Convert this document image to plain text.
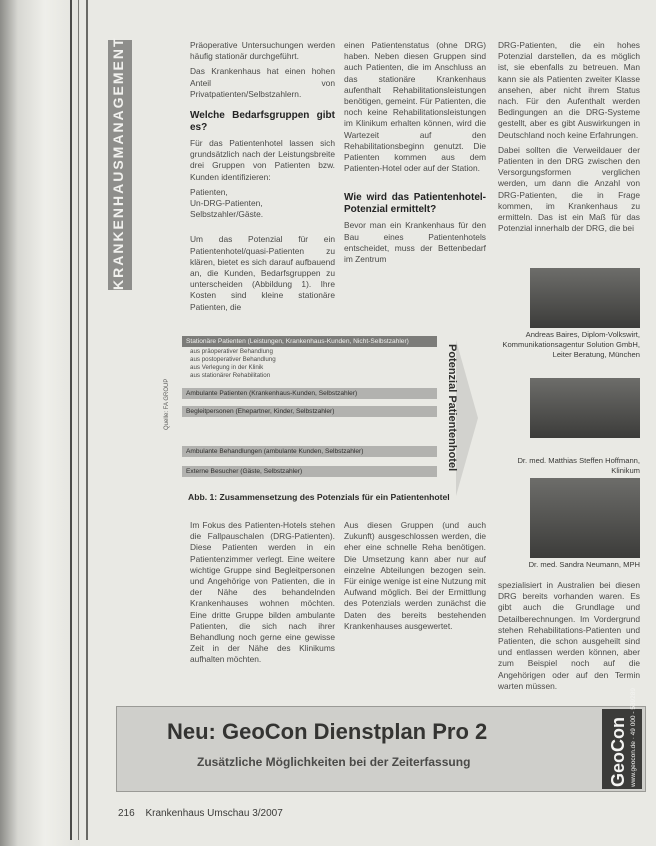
KRANKENHAUSMANAGEMENT	Präoperative Untersuchungen werden häufig stationär durchgeführt.

Das Krankenhaus hat einen hohen Anteil von Privatpatienten/Selbstzahlern.

Welche Bedarfsgruppen gibt es?

Für das Patientenhotel lassen sich grundsätzlich nach der Leistungsbreite drei Gruppen von Patienten bzw. Kunden identifizieren:

Patienten,
Un-DRG-Patienten,
Selbstzahler/Gäste.

Um das Potenzial für ein Patientenhotel/quasi-Patienten zu klären, bietet es sich darauf aufbauend an, die Kunden, Bedarfsgruppen zu unterscheiden (Abbildung 1). Ihre Kosten sind kleine stationäre Patienten, die

einen Patientenstatus (ohne DRG) haben. Neben diesen Gruppen sind auch Patienten, die im Anschluss an das stationäre Krankenhaus aufenthalt Rehabilitationsleistungen benötigen, gemeint. Für Patienten, die noch keine Rehabilitationsleistungen im Klinikum erhalten können, wird die Wartezeit auf den Rehabilitationsbeginn genutzt. Die Patienten kommen aus dem Patienten-Hotel oder auf der Station.

Wie wird das Patientenhotel-Potenzial ermittelt?

Bevor man ein Krankenhaus für den Bau eines Patientenhotels entscheidet, muss der Bettenbedarf im Zentrum

DRG-Patienten, die ein hohes Potenzial darstellen, da es möglich ist, sie ebenfalls zu betreuen. Man kann sie als Patienten zweiter Klasse ansehen, aber nicht ihrem Status nach. Für den Aufenthalt werden Bedingungen an die DRG-Systeme gestellt, aber es gibt Auswirkungen in Deutschland noch keine Erfahrungen.

Dabei sollten die Verweildauer der Patienten in den DRG zwischen den Versorgungsformen verglichen werden, um dann die Anzahl von DRG-Patienten, die in Frage kommen, im Krankenhaus zu ermitteln. Das ist ein Maß für das Potenzial innerhalb der DRG, die bei

Andreas Baires, Diplom-Volkswirt, Kommunikationsagentur Solution GmbH, Leiter Beratung, München
Dr. med. Matthias Steffen Hoffmann, Klinikum
Dr. med. Sandra Neumann, MPH
Stationäre Patienten (Leistungen, Krankenhaus-Kunden, Nicht-Selbstzahler)
aus präoperativer Behandlung
aus postoperativer Behandlung
aus Verlegung in der Klinik
aus stationärer Rehabilitation
Ambulante Patienten (Krankenhaus-Kunden, Selbstzahler)
Begleitpersonen (Ehepartner, Kinder, Selbstzahler)
Ambulante Behandlungen (ambulante Kunden, Selbstzahler)
Externe Besucher (Gäste, Selbstzahler)
Potenzial Patientenhotel
Quelle: FA GROUP
Abb. 1: Zusammensetzung des Potenzials für ein Patientenhotel

Im Fokus des Patienten-Hotels stehen die Fallpauschalen (DRG-Patienten). Diese Patienten werden in ein Patientenzimmer verlegt. Eine weitere wichtige Gruppe sind Begleitpersonen und Angehörige von Patienten, die in der Nähe des behandelnden Krankenhauses wohnen möchten. Eine dritte Gruppe bilden ambulante Patienten, die sich nach ihrer Behandlung noch gerne eine gewisse Zeit in der Nähe des Klinikums aufhalten möchten.

Aus diesen Gruppen (und auch Zukunft) ausgeschlossen werden, die eher eine schnelle Reha benötigen. Die Umsetzung kann aber nur auf einzelne Abteilungen bezogen sein. Für einige wenige ist eine Nutzung mit Aufwand möglich. Bei der Ermittlung des Potenzials werden zunächst die Daten des bereits bestehenden Krankenhauses ausgewertet.

spezialisiert in Australien bei diesen DRG bereits vorhanden waren. Es gibt auch die Grundlage und Detailberechnungen. Im Vordergrund stehen Rehabilitations-Patienten und Patienten, die schon ausgeheilt sind und entlassen werden können, aber zum Beispiel noch auf die Angehörigen oder auf den Termin warten müssen.

Neu: GeoCon Dienstplan Pro 2
Zusätzliche Möglichkeiten bei der Zeiterfassung	GeoCon www.geocon.de · 49 000 - 539289
216 Krankenhaus Umschau 3/2007
